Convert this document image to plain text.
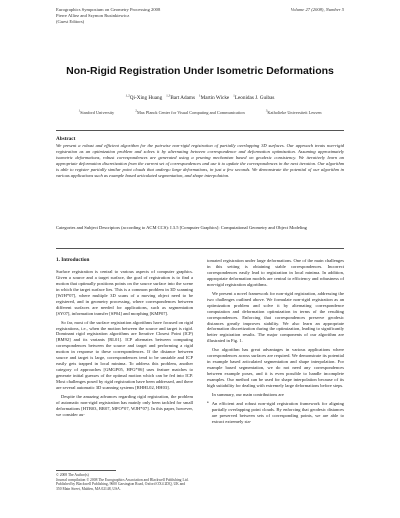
Eurographics Symposium on Geometry Processing 2008
Pierre Alliez and Szymon Rusinkiewicz
(Guest Editors)
Volume 27 (2008), Number 5
Non-Rigid Registration Under Isometric Deformations
$^{1,2}$Qi-Xing Huang $^{1,3}$Bart Adams $^1$Martin Wicke $^1$Leonidas J. Guibas
$^1$Stanford University	$^2$Max Planck Center for Visual Computing and Communication	$^3$Katholieke Universiteit Leuven
Abstract

We present a robust and efficient algorithm for the pairwise non-rigid registration of partially overlapping 3D surfaces. Our approach treats non-rigid registration as an optimization problem and solves it by alternating between correspondence and deformation optimization. Assuming approximately isometric deformations, robust correspondences are generated using a pruning mechanism based on geodesic consistency. We iteratively learn an appropriate deformation discretization from the current set of correspondences and use it to update the correspondences in the next iteration. Our algorithm is able to register partially similar point clouds that undergo large deformations, in just a few seconds. We demonstrate the potential of our algorithm in various applications such as example based articulated segmentation, and shape interpolation.

Categories and Subject Descriptors (according to ACM CCS): I.3.5 [Computer Graphics]: Computational Geometry and Object Modeling

1. Introduction

Surface registration is central to various aspects of computer graphics. Given a source and a target surface, the goal of registration is to find a motion that optimally positions points on the source surface into the scene in which the target surface lies. This is a common problem in 3D scanning [WJH*07], where multiple 3D scans of a moving object need to be registered, and in geometry processing, where correspondences between different surfaces are needed for applications, such as segmentation [SY07], information transfer [SP04] and morphing [KMP07].

So far, most of the surface registration algorithms have focused on rigid registrations, i.e., when the motion between the source and target is rigid. Dominant rigid registration algorithms are Iterative Closest Point (ICP) [BM92] and its variants [RL01]. ICP alternates between computing correspondences between the source and target and performing a rigid motion in response to these correspondences. If the distance between source and target is large, correspondences tend to be unstable and ICP easily gets trapped in local minima. To address this problem, another category of approaches [GMGP05, HFG*06] uses feature matches to generate initial guesses of the optimal motion which can be fed into ICP. Most challenges posed by rigid registration have been addressed, and there are several automatic 3D scanning systems [RHHL02, HH03].

Despite the amazing advances regarding rigid registration, the problem of automatic non-rigid registration has mainly only been tackled for small deformations [HTB03, BR07, MFO*07, WJH*07]. In this paper, however, we consider au-

© 2008 The Author(s)
Journal compilation © 2008 The Eurographics Association and Blackwell Publishing Ltd.
Published by Blackwell Publishing, 9600 Garsington Road, Oxford OX4 2DQ, UK and
350 Main Street, Malden, MA 02148, USA.

tomated registration under large deformations. One of the main challenges in this setting is obtaining stable correspondences. Incorrect correspondences easily lead to registration in local minima. In addition, appropriate deformation models are central to efficiency and robustness of non-rigid registration algorithms.

We present a novel framework for non-rigid registration, addressing the two challenges outlined above. We formulate non-rigid registration as an optimization problem and solve it by alternating correspondence computation and deformation optimization in terms of the resulting correspondences. Enforcing that correspondences preserve geodesic distances greatly improves stability. We also learn an appropriate deformation discretization during the optimization, leading to significantly better registration results. The major components of our algorithm are illustrated in Fig. 1.

Our algorithm has great advantages in various applications where correspondences across surfaces are required. We demonstrate its potential in example based articulated segmentation and shape interpolation. For example based segmentation, we do not need any correspondences between example poses, and it is even possible to handle incomplete examples. Our method can be used for shape interpolation because of its high suitability for dealing with extremely large deformations before steps.

In summary, our main contributions are

• An efficient and robust non-rigid registration framework for aligning partially overlapping point clouds. By enforcing that geodesic distances are preserved between sets of corresponding points, we are able to extract extremely sta-
